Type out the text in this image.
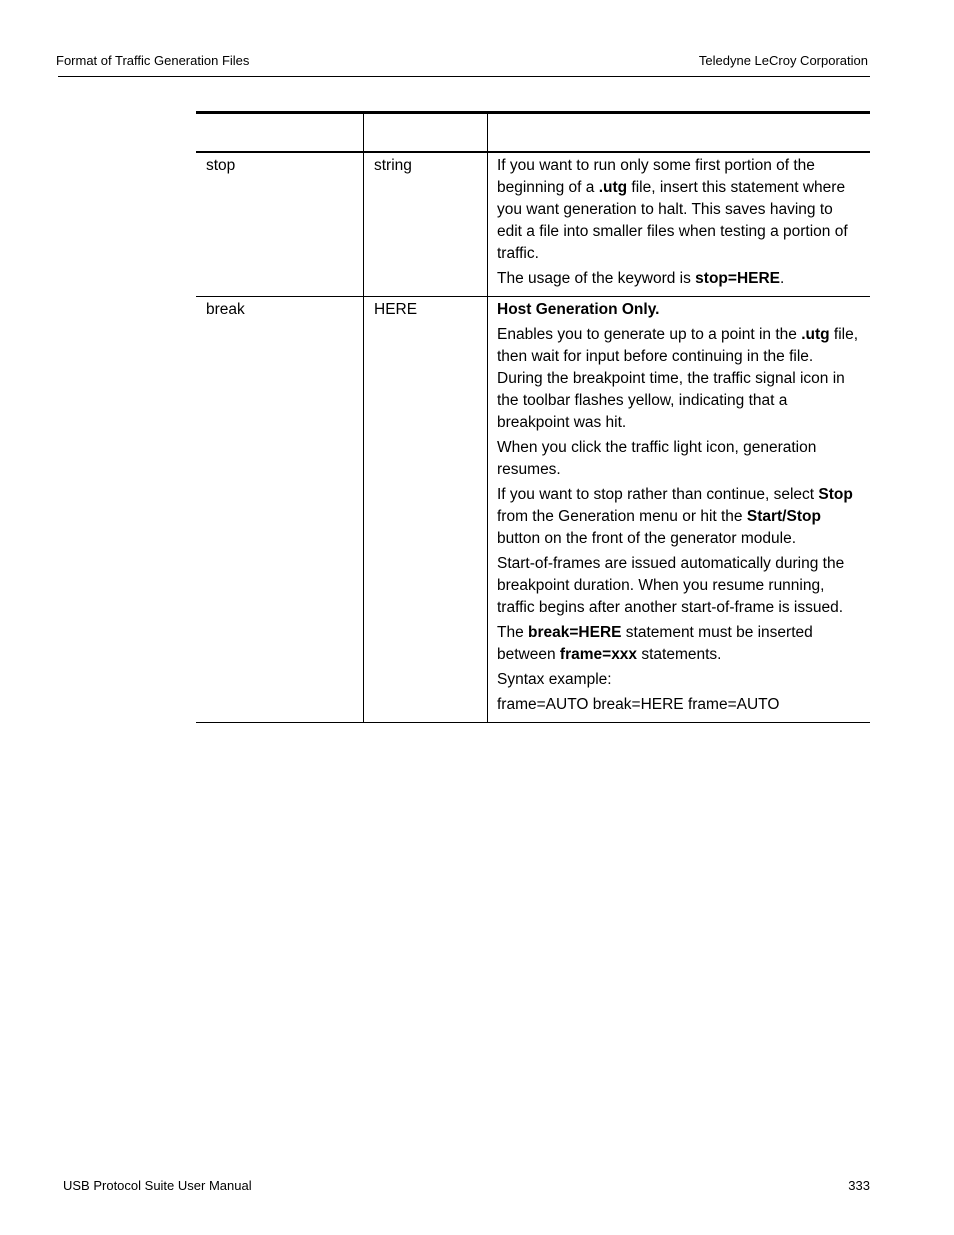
Format of Traffic Generation Files	Teledyne LeCroy Corporation
stop	string	If you want to run only some first portion of the beginning of a .utg file, insert this statement where you want generation to halt. This saves having to edit a file into smaller files when testing a portion of traffic.

The usage of the keyword is stop=HERE.

break	HERE	Host Generation Only.

Enables you to generate up to a point in the .utg file, then wait for input before continuing in the file. During the breakpoint time, the traffic signal icon in the toolbar flashes yellow, indicating that a breakpoint was hit.

When you click the traffic light icon, generation resumes.

If you want to stop rather than continue, select Stop from the Generation menu or hit the Start/Stop button on the front of the generator module.

Start-of-frames are issued automatically during the breakpoint duration. When you resume running, traffic begins after another start-of-frame is issued.

The break=HERE statement must be inserted between frame=xxx statements.

Syntax example:

frame=AUTO break=HERE frame=AUTO

USB Protocol Suite User Manual	333
